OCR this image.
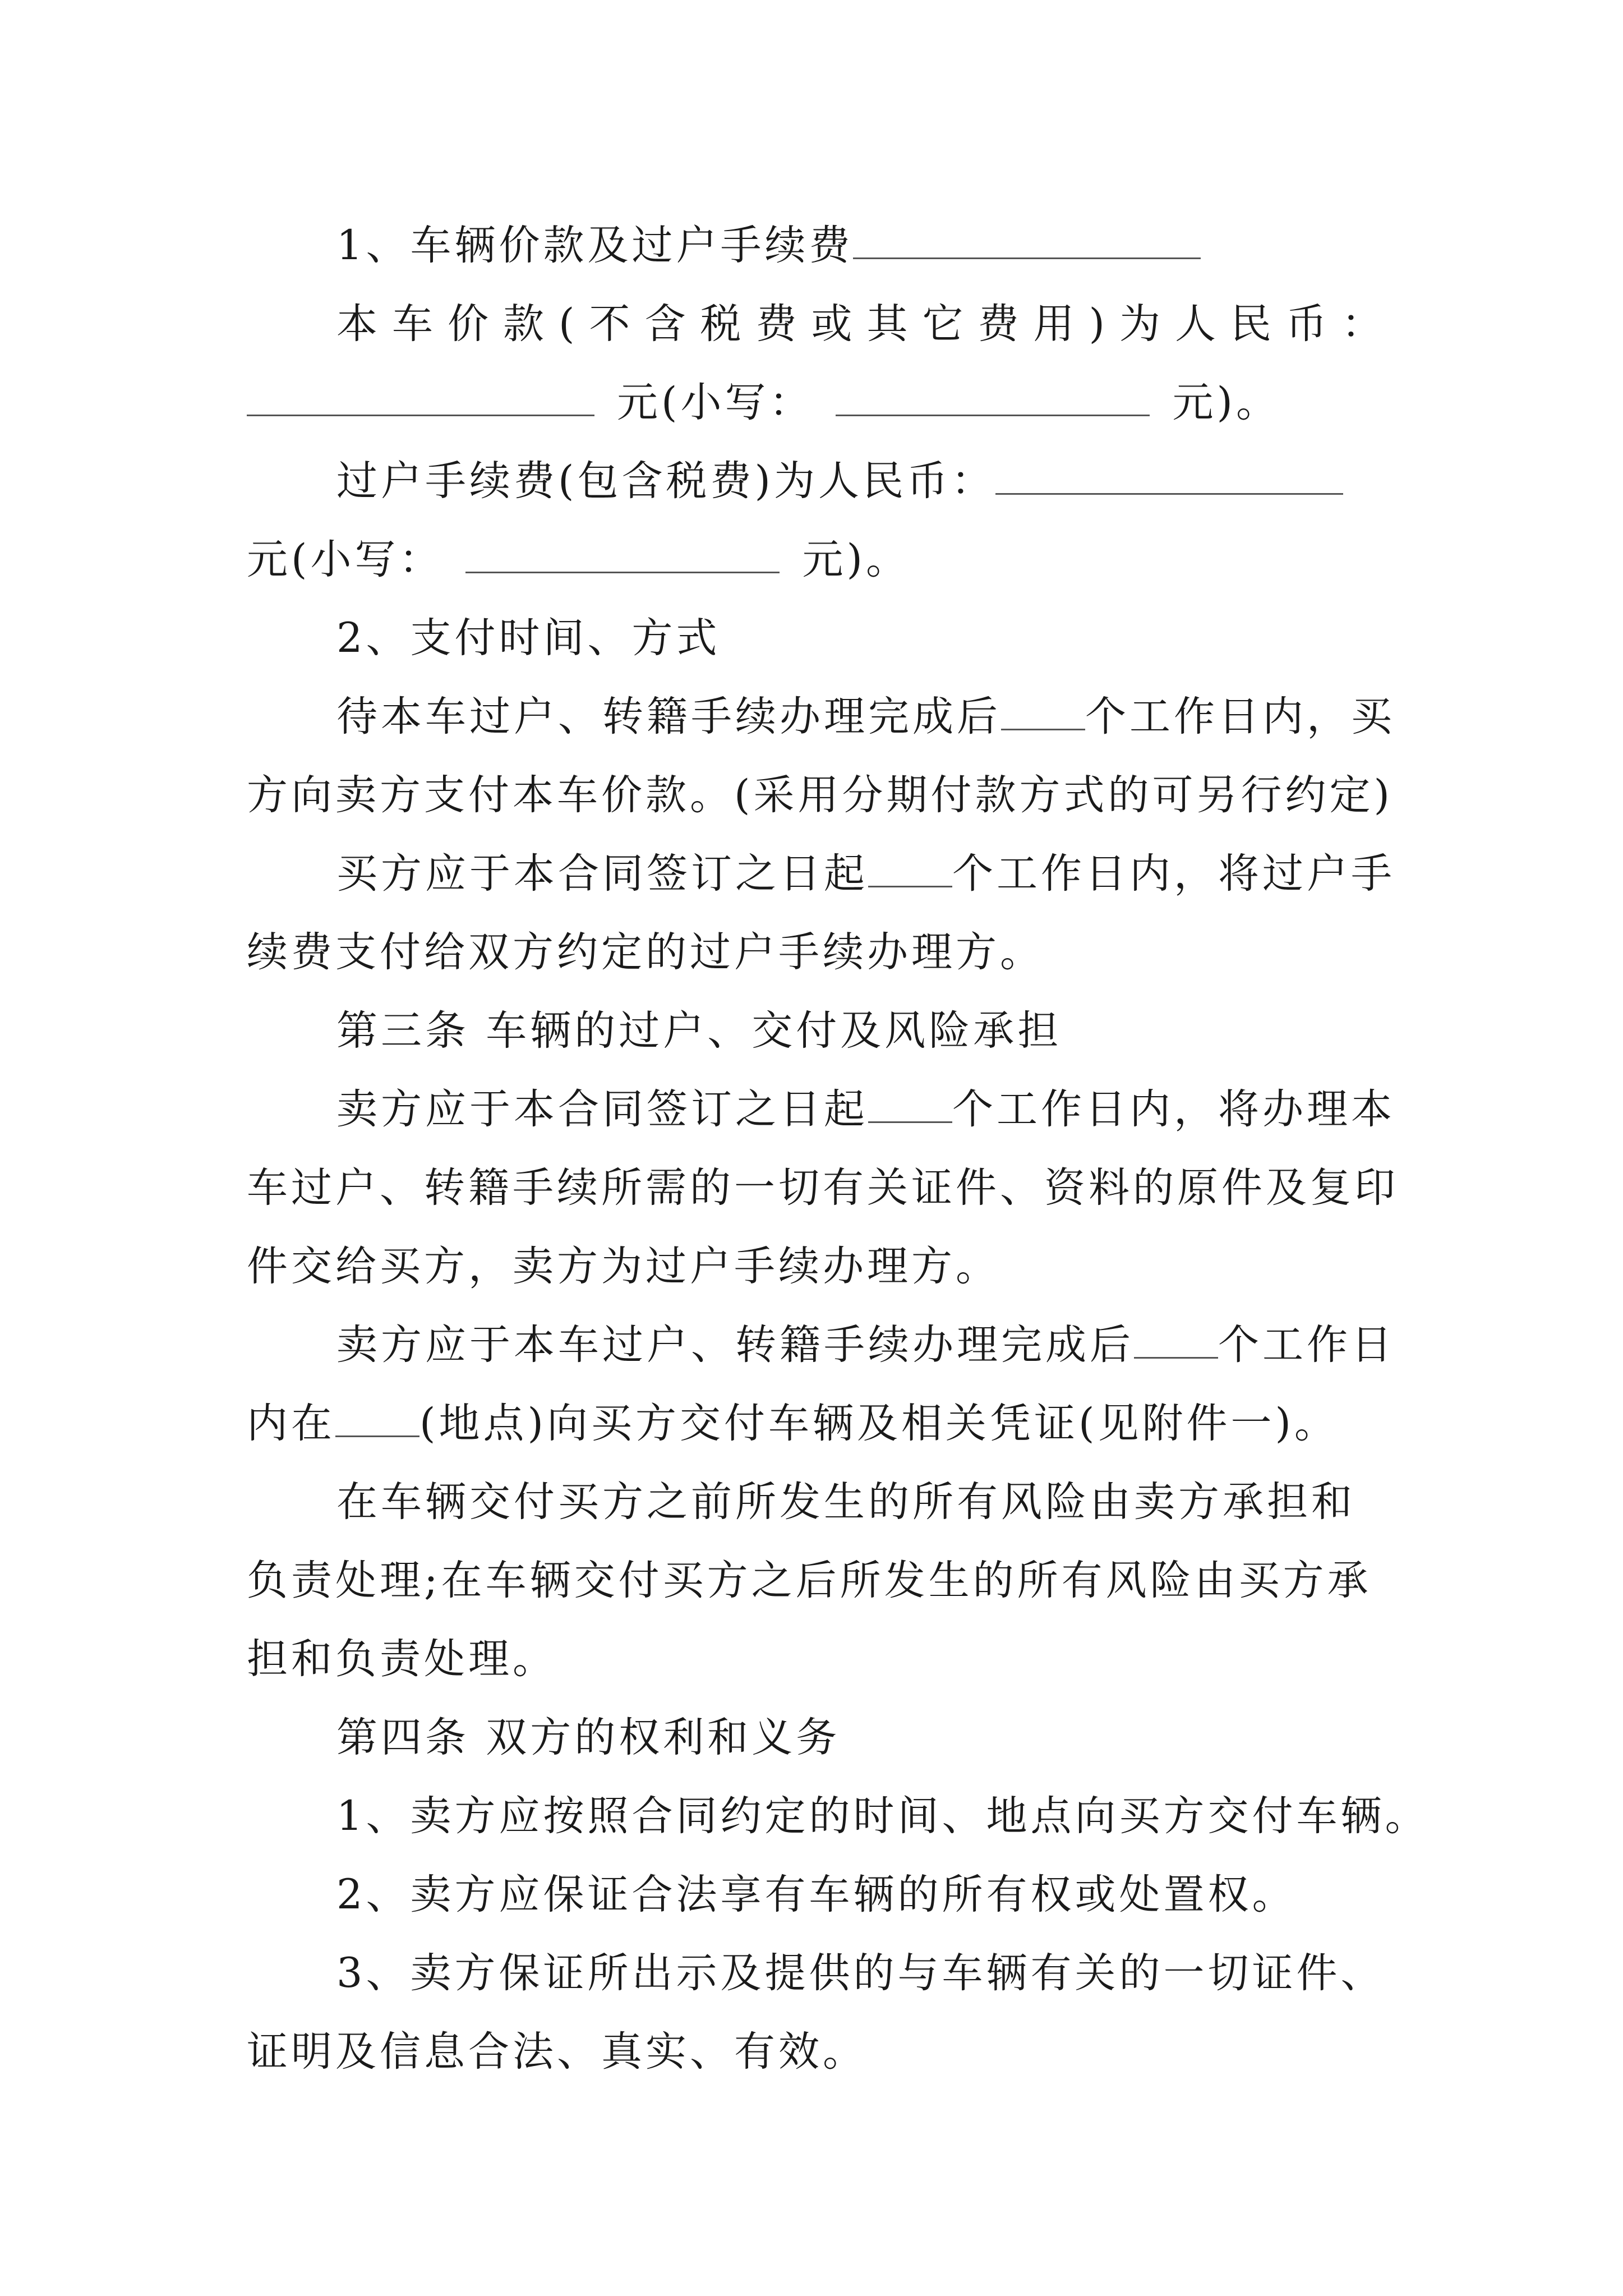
1、车辆价款及过户手续费
本车价款(不含税费或其它费用)为人民币：
元(小写：	元)。
过户手续费(包含税费)为人民币：
元(小写：	元)。
2、支付时间、方式
待本车过户、转籍手续办理完成后 个工作日内，买
方向卖方支付本车价款。(采用分期付款方式的可另行约定)
买方应于本合同签订之日起 个工作日内，将过户手
续费支付给双方约定的过户手续办理方。
第三条 车辆的过户、交付及风险承担
卖方应于本合同签订之日起 个工作日内，将办理本
车过户、转籍手续所需的一切有关证件、资料的原件及复印
件交给买方，卖方为过户手续办理方。
卖方应于本车过户、转籍手续办理完成后 个工作日
内在 (地点)向买方交付车辆及相关凭证(见附件一)。
在车辆交付买方之前所发生的所有风险由卖方承担和
负责处理;在车辆交付买方之后所发生的所有风险由买方承
担和负责处理。
第四条 双方的权利和义务
1、卖方应按照合同约定的时间、地点向买方交付车辆。
2、卖方应保证合法享有车辆的所有权或处置权。
3、卖方保证所出示及提供的与车辆有关的一切证件、
证明及信息合法、真实、有效。
